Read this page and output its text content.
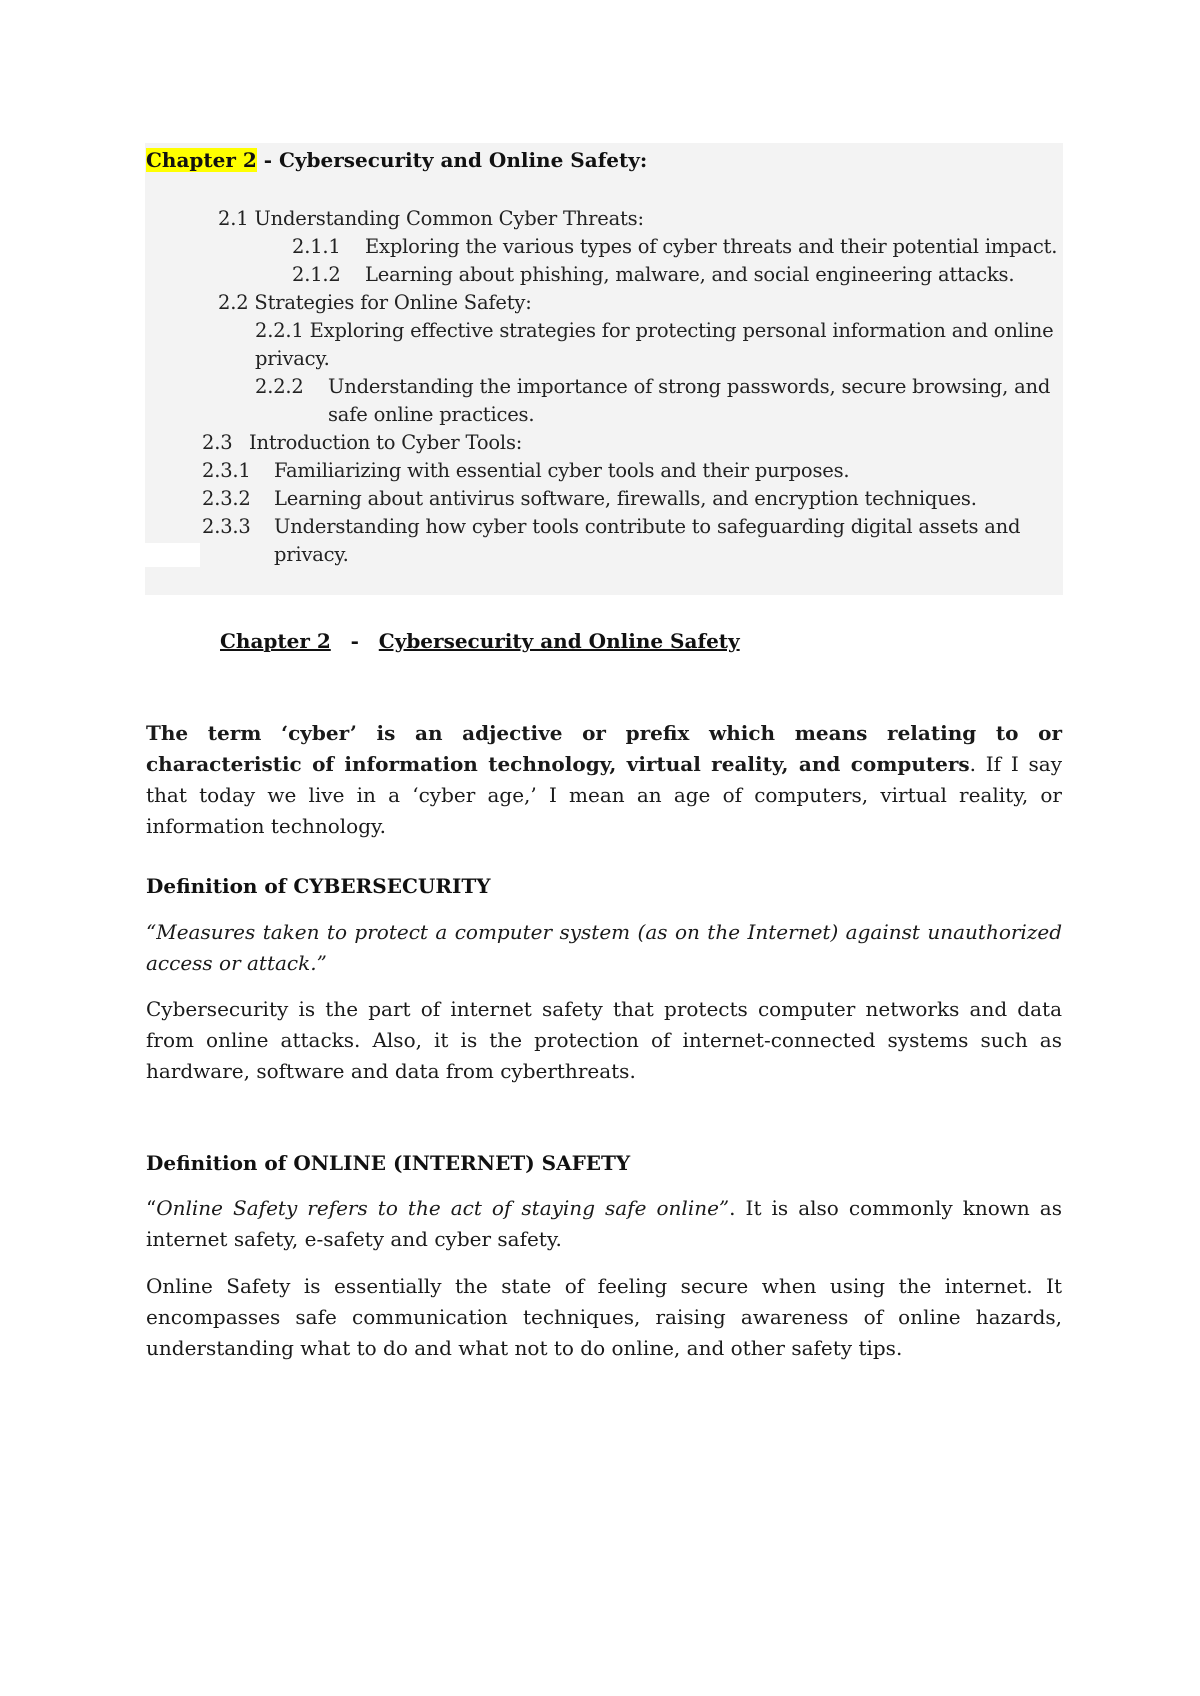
Chapter 2 - Cybersecurity and Online Safety:
2.1 Understanding Common Cyber Threats:
2.1.1 Exploring the various types of cyber threats and their potential impact.
2.1.2 Learning about phishing, malware, and social engineering attacks.
2.2 Strategies for Online Safety:
2.2.1 Exploring effective strategies for protecting personal information and online
privacy.
2.2.2 Understanding the importance of strong passwords, secure browsing, and
safe online practices.
2.3 Introduction to Cyber Tools:
2.3.1 Familiarizing with essential cyber tools and their purposes.
2.3.2 Learning about antivirus software, firewalls, and encryption techniques.
2.3.3 Understanding how cyber tools contribute to safeguarding digital assets and
privacy.
Chapter 2 - Cybersecurity and Online Safety
The term ‘cyber’ is an adjective or prefix which means relating to or characteristic of information technology, virtual reality, and computers. If I say that today we live in a ‘cyber age,’ I mean an age of computers, virtual reality, or information technology.
Definition of CYBERSECURITY
“Measures taken to protect a computer system (as on the Internet) against unauthorized access or attack.”
Cybersecurity is the part of internet safety that protects computer networks and data from online attacks. Also, it is the protection of internet-connected systems such as hardware, software and data from cyberthreats.
Definition of ONLINE (INTERNET) SAFETY
“Online Safety refers to the act of staying safe online”. It is also commonly known as internet safety, e-safety and cyber safety.
Online Safety is essentially the state of feeling secure when using the internet. It encompasses safe communication techniques, raising awareness of online hazards, understanding what to do and what not to do online, and other safety tips.
